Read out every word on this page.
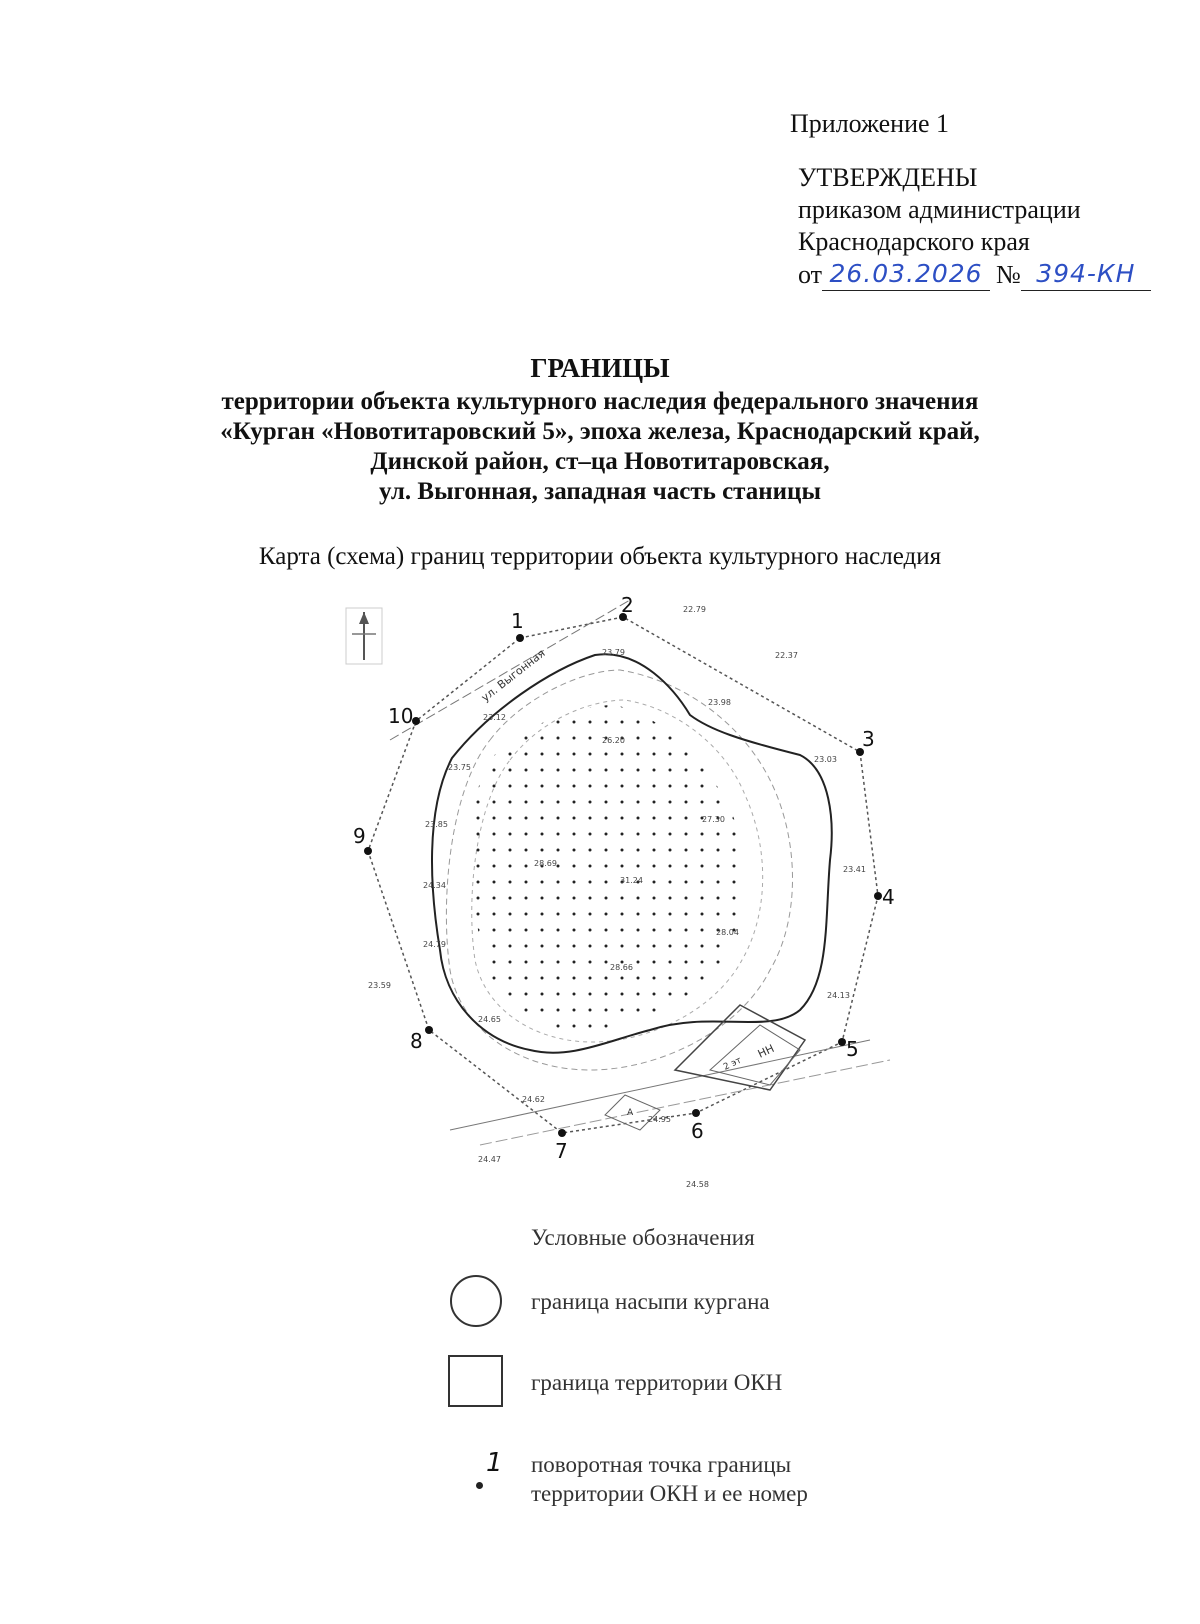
Приложение 1
УТВЕРЖДЕНЫ
приказом администрации
Краснодарского края
от 26.03.2026 № 394-КН
ГРАНИЦЫ
территории объекта культурного наследия федерального значения
«Курган «Новотитаровский 5», эпоха железа, Краснодарский край,
Динской район, ст–ца Новотитаровская,
ул. Выгонная, западная часть станицы
Карта (схема) границ территории объекта культурного наследия
НН
2 эт
А
ул. Выгонная
22.79
22.37
23.79
23.98
23.12
26.20
23.03
23.75
23.85
27.30
28.69
31.24
23.41
24.34
28.04
24.79
28.66
24.13
23.59
24.65
24.62
24.95
24.47
24.58
1
2
3
4
5
6
7
8
9
10
Условные обозначения
граница насыпи кургана
граница территории ОКН
1 поворотная точка границы территории ОКН и ее номер
